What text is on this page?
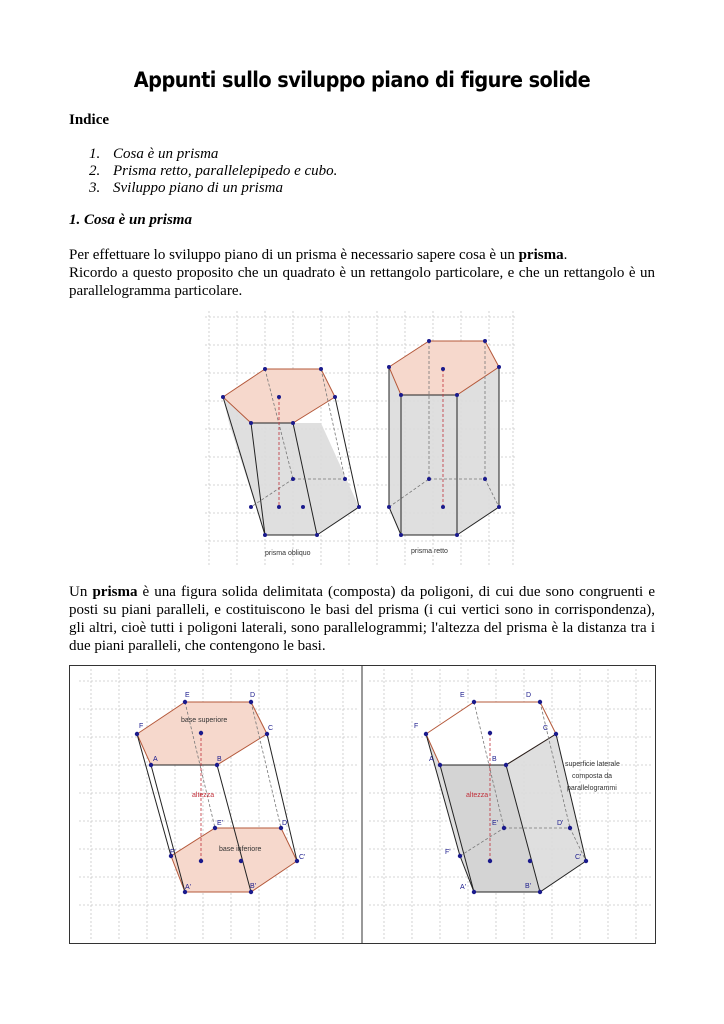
Appunti sullo sviluppo piano di figure solide
Indice
1. Cosa è un prisma
2. Prisma retto, parallelepipedo e cubo.
3. Sviluppo piano di un prisma
1. Cosa è un prisma

Per effettuare lo sviluppo piano di un prisma è necessario sapere cosa è un prisma.

Ricordo a questo proposito che un quadrato è un rettangolo particolare, e che un rettangolo è un parallelogramma particolare.

prisma obliquo	prisma retto

Un prisma è una figura solida delimitata (composta) da poligoni, di cui due sono congruenti e posti su piani paralleli, e costituiscono le basi del prisma (i cui vertici sono in corrispondenza), gli altri, cioè tutti i poligoni laterali, sono parallelogrammi; l'altezza del prisma è la distanza tra i due piani paralleli, che contengono le basi.

E	D
F	C
A	B
E'	D'
F'
C'
A'	B'
base superiore
base inferiore
altezza
E	D
F	C
A	B
E'	D'
F'
C'
A'	B'
altezza
superficie laterale
composta da
parallelogrammi
